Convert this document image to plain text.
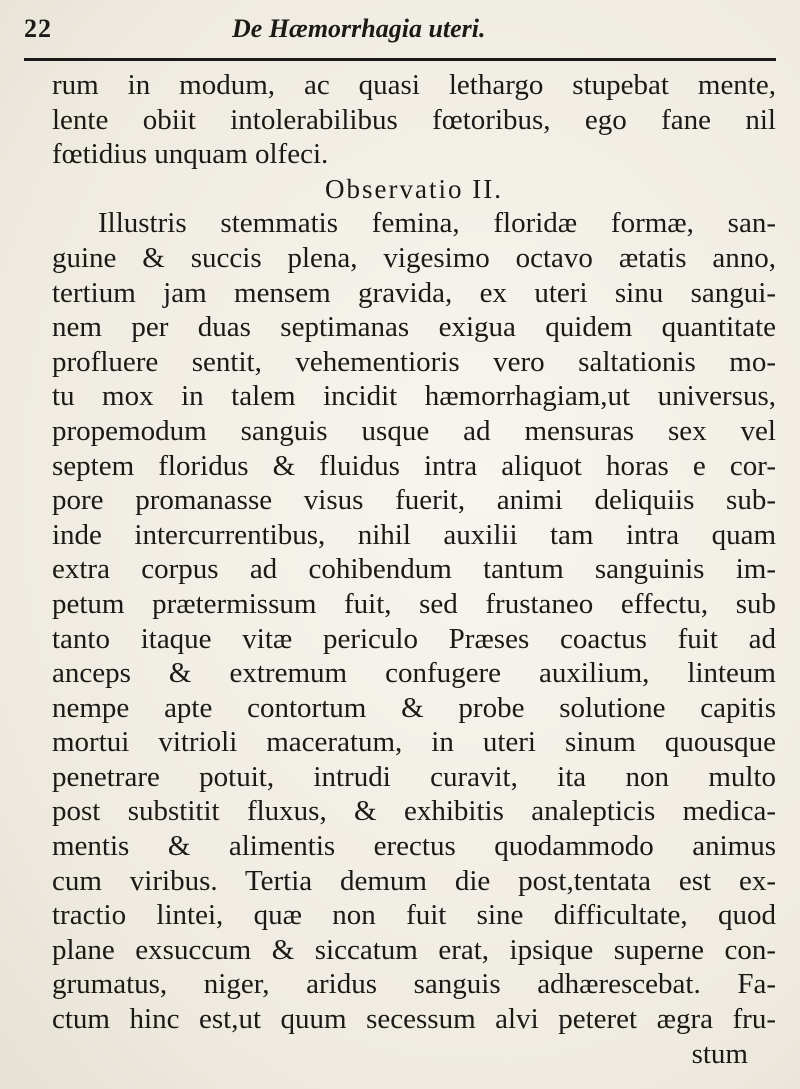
22	De Hæmorrhagia uteri.
rum in modum, ac quasi lethargo stupebat mente,
lente obiit intolerabilibus fœtoribus, ego fane nil
fœtidius unquam olfeci.
Observatio II.
Illustris stemmatis femina, floridæ formæ, san-
guine & succis plena, vigesimo octavo ætatis anno,
tertium jam mensem gravida, ex uteri sinu sangui-
nem per duas septimanas exigua quidem quantitate
profluere sentit, vehementioris vero saltationis mo-
tu mox in talem incidit hæmorrhagiam,ut universus,
propemodum sanguis usque ad mensuras sex vel
septem floridus & fluidus intra aliquot horas e cor-
pore promanasse visus fuerit, animi deliquiis sub-
inde intercurrentibus, nihil auxilii tam intra quam
extra corpus ad cohibendum tantum sanguinis im-
petum prætermissum fuit, sed frustaneo effectu, sub
tanto itaque vitæ periculo Præses coactus fuit ad
anceps & extremum confugere auxilium, linteum
nempe apte contortum & probe solutione capitis
mortui vitrioli maceratum, in uteri sinum quousque
penetrare potuit, intrudi curavit, ita non multo
post substitit fluxus, & exhibitis analepticis medica-
mentis & alimentis erectus quodammodo animus
cum viribus. Tertia demum die post,tentata est ex-
tractio lintei, quæ non fuit sine difficultate, quod
plane exsuccum & siccatum erat, ipsique superne con-
grumatus, niger, aridus sanguis adhærescebat. Fa-
ctum hinc est,ut quum secessum alvi peteret ægra fru-
stum
